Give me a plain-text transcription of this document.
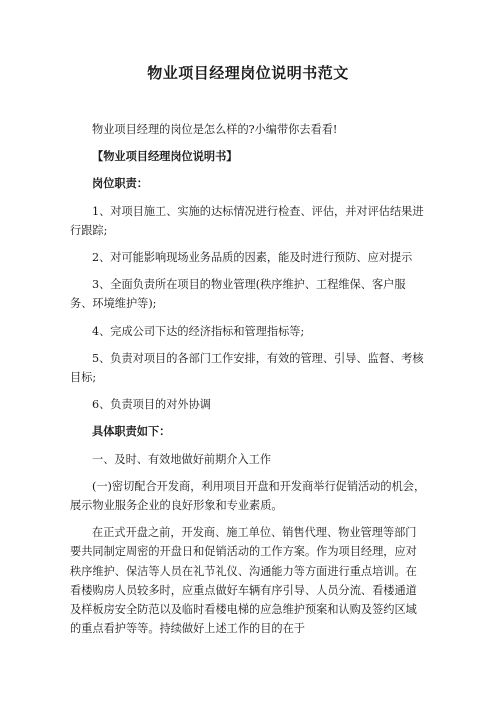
物业项目经理岗位说明书范文

物业项目经理的岗位是怎么样的?小编带你去看看!

【物业项目经理岗位说明书】

岗位职责：

1、对项目施工、实施的达标情况进行检查、评估，并对评估结果进行跟踪;

2、对可能影响现场业务品质的因素，能及时进行预防、应对提示

3、全面负责所在项目的物业管理(秩序维护、工程维保、客户服务、环境维护等);

4、完成公司下达的经济指标和管理指标等;

5、负责对项目的各部门工作安排，有效的管理、引导、监督、考核目标;

6、负责项目的对外协调

具体职责如下：

一、及时、有效地做好前期介入工作

(一)密切配合开发商，利用项目开盘和开发商举行促销活动的机会，展示物业服务企业的良好形象和专业素质。

在正式开盘之前，开发商、施工单位、销售代理、物业管理等部门要共同制定周密的开盘日和促销活动的工作方案。作为项目经理，应对秩序维护、保洁等人员在礼节礼仪、沟通能力等方面进行重点培训。在看楼购房人员较多时，应重点做好车辆有序引导、人员分流、看楼通道及样板房安全防范以及临时看楼电梯的应急维护预案和认购及签约区域的重点看护等等。持续做好上述工作的目的在于
